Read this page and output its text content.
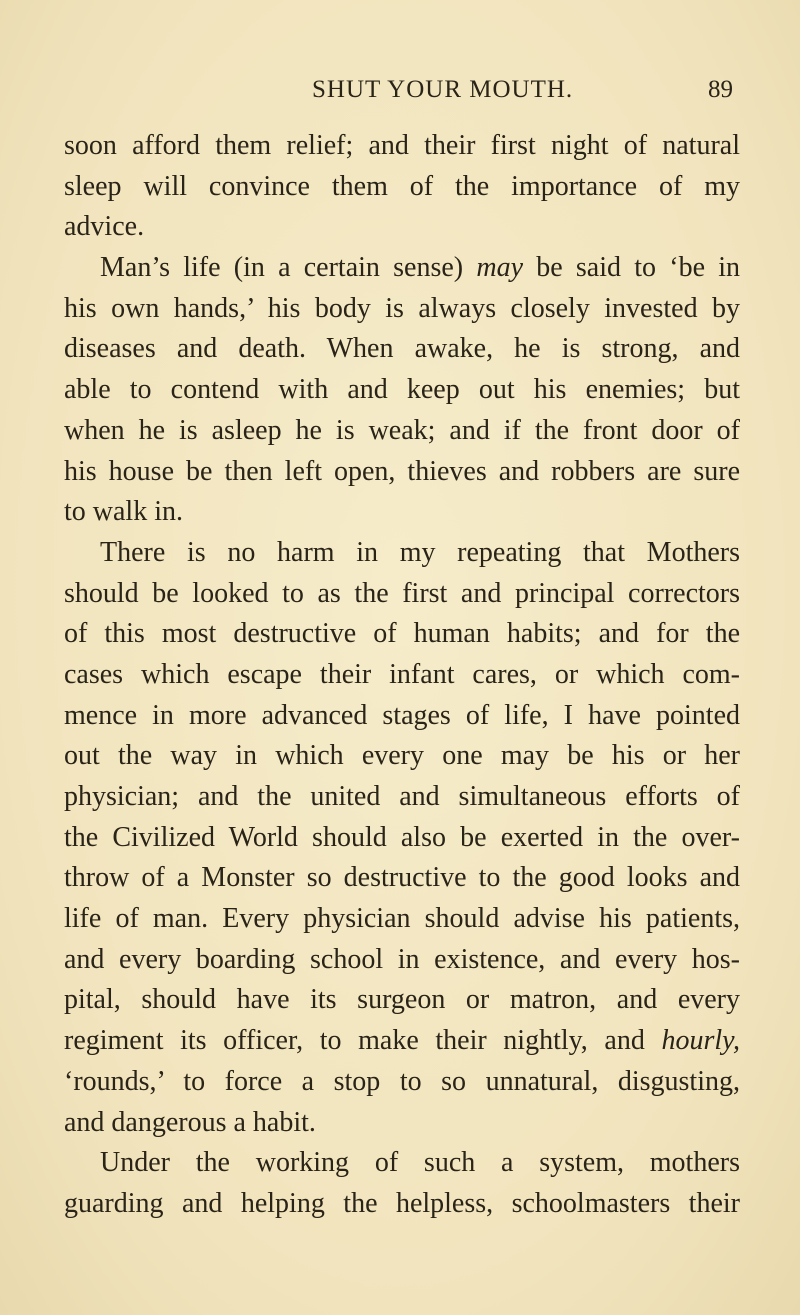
SHUT YOUR MOUTH.	89
soon afford them relief; and their first night of natural
sleep will convince them of the importance of my
advice.
Man’s life (in a certain sense) may be said to ‘be in
his own hands,’ his body is always closely invested by
diseases and death. When awake, he is strong, and
able to contend with and keep out his enemies; but
when he is asleep he is weak; and if the front door of
his house be then left open, thieves and robbers are sure
to walk in.
There is no harm in my repeating that Mothers
should be looked to as the first and principal correctors
of this most destructive of human habits; and for the
cases which escape their infant cares, or which com-
mence in more advanced stages of life, I have pointed
out the way in which every one may be his or her
physician; and the united and simultaneous efforts of
the Civilized World should also be exerted in the over-
throw of a Monster so destructive to the good looks and
life of man. Every physician should advise his patients,
and every boarding school in existence, and every hos-
pital, should have its surgeon or matron, and every
regiment its officer, to make their nightly, and hourly,
‘rounds,’ to force a stop to so unnatural, disgusting,
and dangerous a habit.
Under the working of such a system, mothers
guarding and helping the helpless, schoolmasters their
